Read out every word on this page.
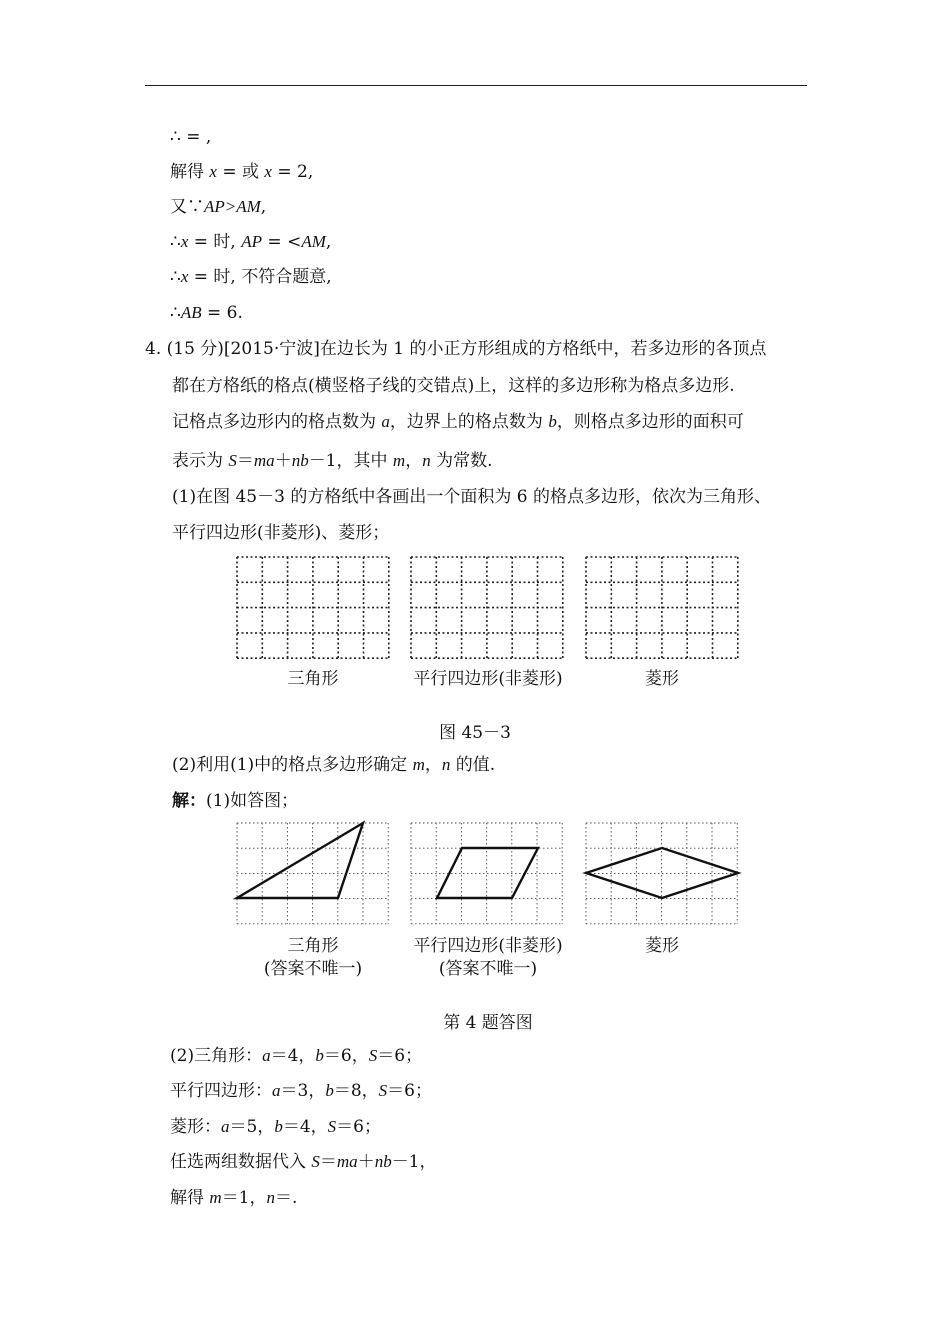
∴ = ,
解得 x = 或 x = 2,
又∵AP>AM,
∴x = 时, AP = <AM,
∴x = 时, 不符合题意,
∴AB = 6.
4. (15 分)[2015·宁波]在边长为 1 的小正方形组成的方格纸中，若多边形的各顶点
都在方格纸的格点(横竖格子线的交错点)上，这样的多边形称为格点多边形.
记格点多边形内的格点数为 a，边界上的格点数为 b，则格点多边形的面积可
表示为 S＝ma＋nb－1，其中 m，n 为常数.
(1)在图 45－3 的方格纸中各画出一个面积为 6 的格点多边形，依次为三角形、
平行四边形(非菱形)、菱形；
三角形	平行四边形(非菱形)	菱形
图 45－3
(2)利用(1)中的格点多边形确定 m，n 的值.
解：(1)如答图；
三角形
(答案不唯一)
平行四边形(非菱形)
(答案不唯一)
菱形
第 4 题答图
(2)三角形：a＝4，b＝6，S＝6；
平行四边形：a＝3，b＝8，S＝6；
菱形：a＝5，b＝4，S＝6；
任选两组数据代入 S＝ma＋nb－1，
解得 m＝1，n＝.
